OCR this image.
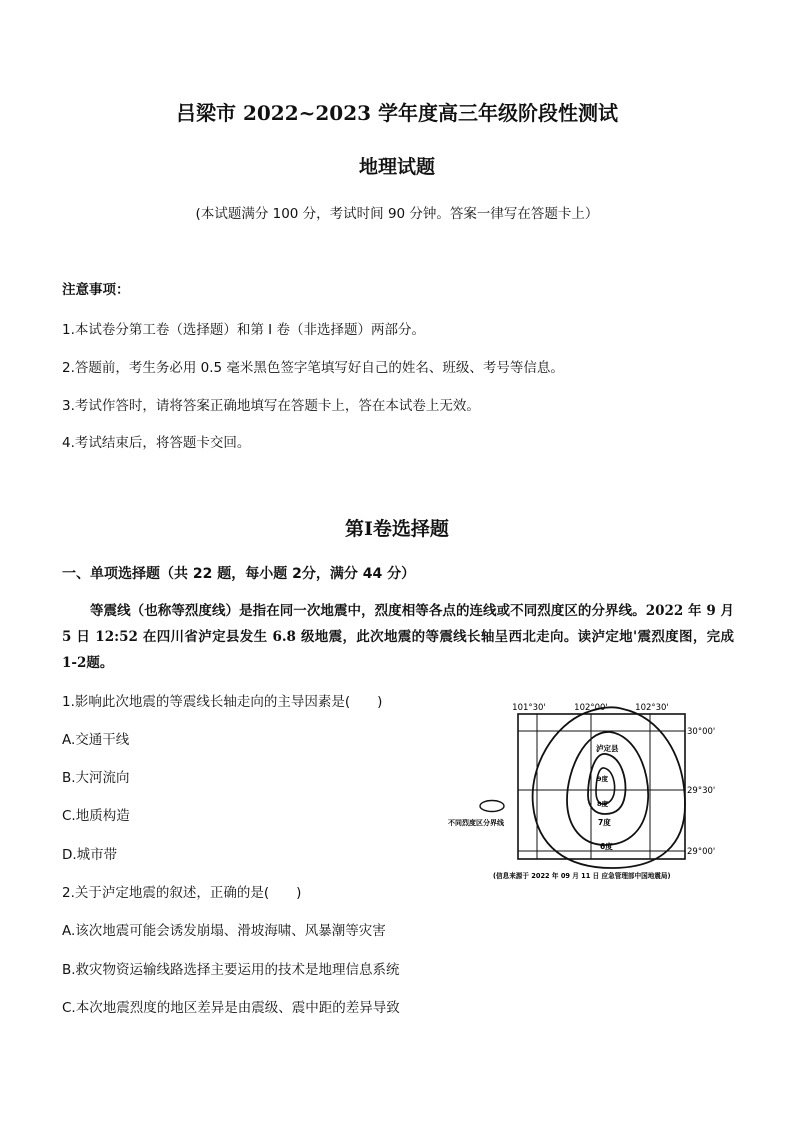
吕梁市 2022~2023 学年度高三年级阶段性测试
地理试题
(本试题满分 100 分，考试时间 90 分钟。答案一律写在答题卡上）
注意事项：
1.本试卷分第工卷（选择题）和第 I 卷（非选择题）两部分。
2.答题前，考生务必用 0.5 毫米黑色签字笔填写好自己的姓名、班级、考号等信息。
3.考试作答时，请将答案正确地填写在答题卡上，答在本试卷上无效。
4.考试结束后，将答题卡交回。
第Ⅰ卷选择题
一、单项选择题（共 22 题，每小题 2分，满分 44 分）
等震线（也称等烈度线）是指在同一次地震中，烈度相等各点的连线或不同烈度区的分界线。2022 年 9 月 5 日 12:52 在四川省泸定县发生 6.8 级地震，此次地震的等震线长轴呈西北走向。读泸定地'震烈度图，完成 1-2题。
1.影响此次地震的等震线长轴走向的主导因素是(　　)
A.交通干线
B.大河流向
C.地质构造
D.城市带
2.关于泸定地震的叙述，正确的是(　　)
A.该次地震可能会诱发崩塌、滑坡海啸、风暴潮等灾害
B.救灾物资运输线路选择主要运用的技术是地理信息系统
C.本次地震烈度的地区差异是由震级、震中距的差异导致
101°30'	102°00'	102°30'
30°00'
29°30'
29°00'
泸定县
9度
8度
7度
6度
不同烈度区分界线
(信息来源于 2022 年 09 月 11 日 应急管理部中国地震局)
